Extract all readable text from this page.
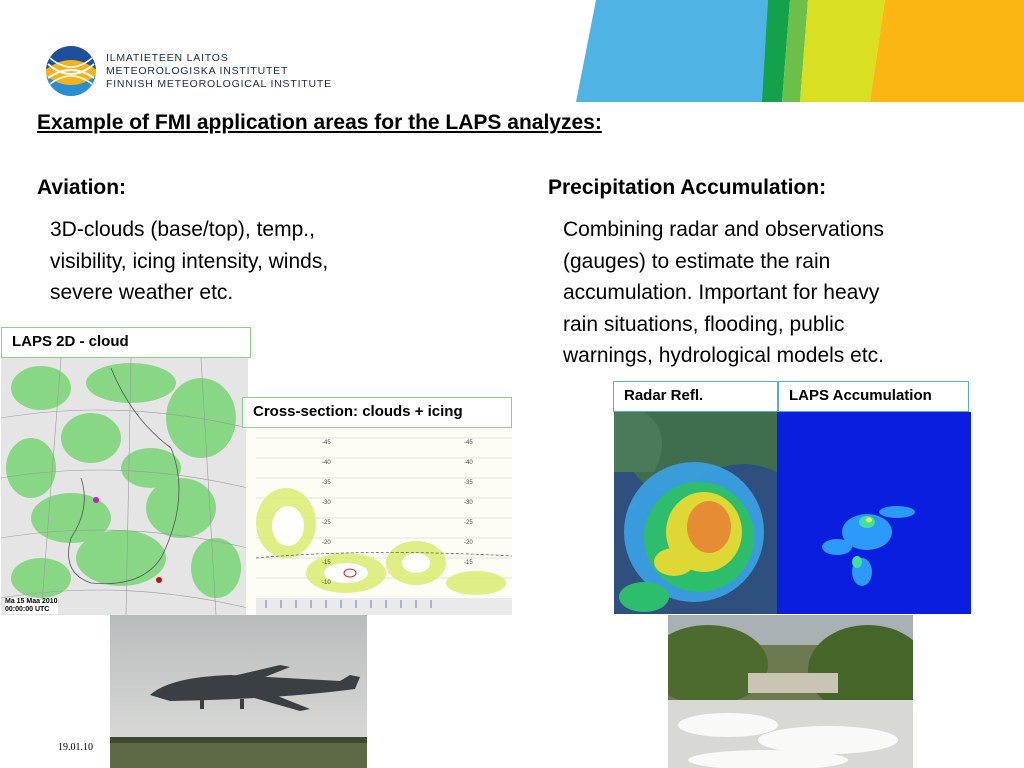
ILMATIETEEN LAITOS
METEOROLOGISKA INSTITUTET
FINNISH METEOROLOGICAL INSTITUTE
Example of FMI application areas for the LAPS analyzes:
Aviation:
3D-clouds (base/top), temp.,
visibility, icing intensity, winds,
severe weather etc.
Precipitation Accumulation:
Combining radar and observations
(gauges) to estimate the rain
accumulation. Important for heavy
rain situations, flooding, public
warnings, hydrological models etc.
Ma 15 Maa 2010
00:00:00 UTC
LAPS 2D - cloud
-45
-40
-35
-30
-25
-20
-15
-10
-45
-40
-35
-30
-25
-20
-15
Cross-section: clouds + icing
Radar Refl.	LAPS Accumulation
19.01.10
